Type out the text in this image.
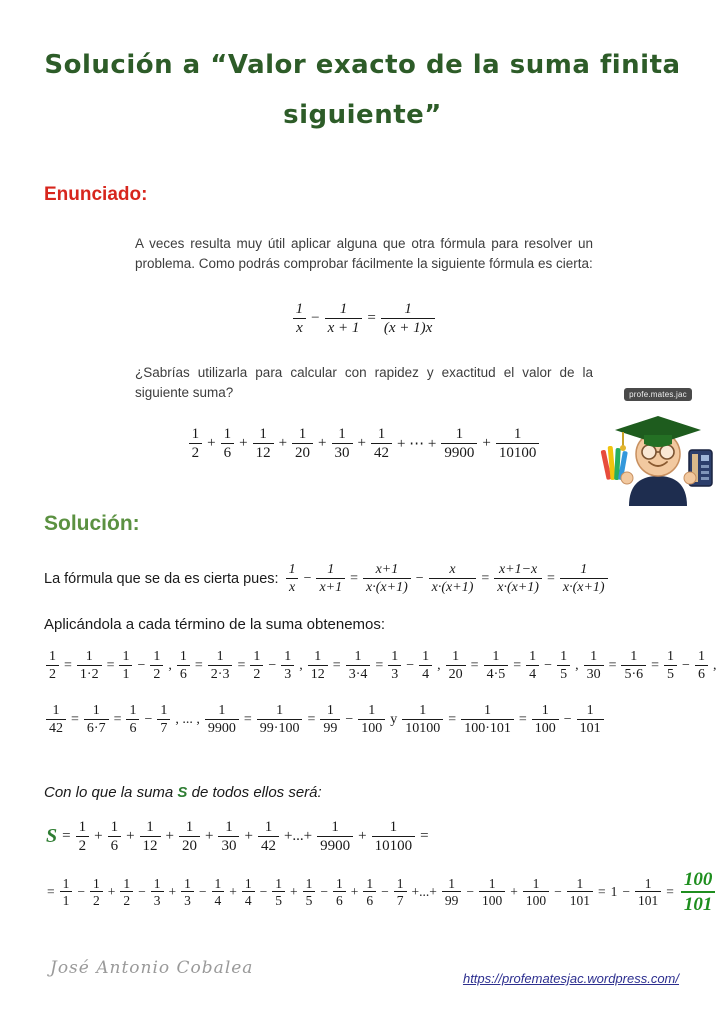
Solución a “Valor exacto de la suma finita
siguiente”
Enunciado:

A veces resulta muy útil aplicar alguna que otra fórmula para resolver un problema. Como podrás comprobar fácilmente la siguiente fórmula es cierta:

$\frac{1}{x} - \frac{1}{x + 1} = \frac{1}{(x + 1)x}$

¿Sabrías utilizarla para calcular con rapidez y exactitud el valor de la siguiente suma?

$\frac{1}{2} + \frac{1}{6} + \frac{1}{12} + \frac{1}{20} + \frac{1}{30} + \frac{1}{42}$ + ⋯ + $\frac{1}{9900} + \frac{1}{10100}$
profe.mates.jac
Solución:
La fórmula que se da es cierta pues: $\frac{1}{x} - \frac{1}{x+1} = \frac{x+1}{x\cdot(x+1)} - \frac{x}{x\cdot(x+1)} = \frac{x+1-x}{x\cdot(x+1)} = \frac{1}{x\cdot(x+1)}$

Aplicándola a cada término de la suma obtenemos:

$\frac{1}{2} = \frac{1}{1\cdot 2} = \frac{1}{1} - \frac{1}{2}$ , $\frac{1}{6} = \frac{1}{2\cdot 3} = \frac{1}{2} - \frac{1}{3}$ , $\frac{1}{12} = \frac{1}{3\cdot 4} = \frac{1}{3} - \frac{1}{4}$ , $\frac{1}{20} = \frac{1}{4\cdot 5} = \frac{1}{4} - \frac{1}{5}$ , $\frac{1}{30} = \frac{1}{5\cdot 6} = \frac{1}{5} - \frac{1}{6}$ ,
$\frac{1}{42} = \frac{1}{6\cdot 7} = \frac{1}{6} - \frac{1}{7}$ , ... , $\frac{1}{9900} = \frac{1}{99\cdot 100} = \frac{1}{99} - \frac{1}{100}$ y $\frac{1}{10100} = \frac{1}{100\cdot 101} = \frac{1}{100} - \frac{1}{101}$

Con lo que la suma S de todos ellos será:

$S = \frac{1}{2} + \frac{1}{6} + \frac{1}{12} + \frac{1}{20} + \frac{1}{30} + \frac{1}{42}$ +...+ $\frac{1}{9900} + \frac{1}{10100}$ =
= $\frac{1}{1} - \frac{1}{2} + \frac{1}{2} - \frac{1}{3} + \frac{1}{3} - \frac{1}{4} + \frac{1}{4} - \frac{1}{5} + \frac{1}{5} - \frac{1}{6} + \frac{1}{6} - \frac{1}{7}$ +...+ $\frac{1}{99} - \frac{1}{100} + \frac{1}{100} - \frac{1}{101} = 1 - \frac{1}{101} = \frac{100}{101}$
José Antonio Cobalea
https://profematesjac.wordpress.com/
